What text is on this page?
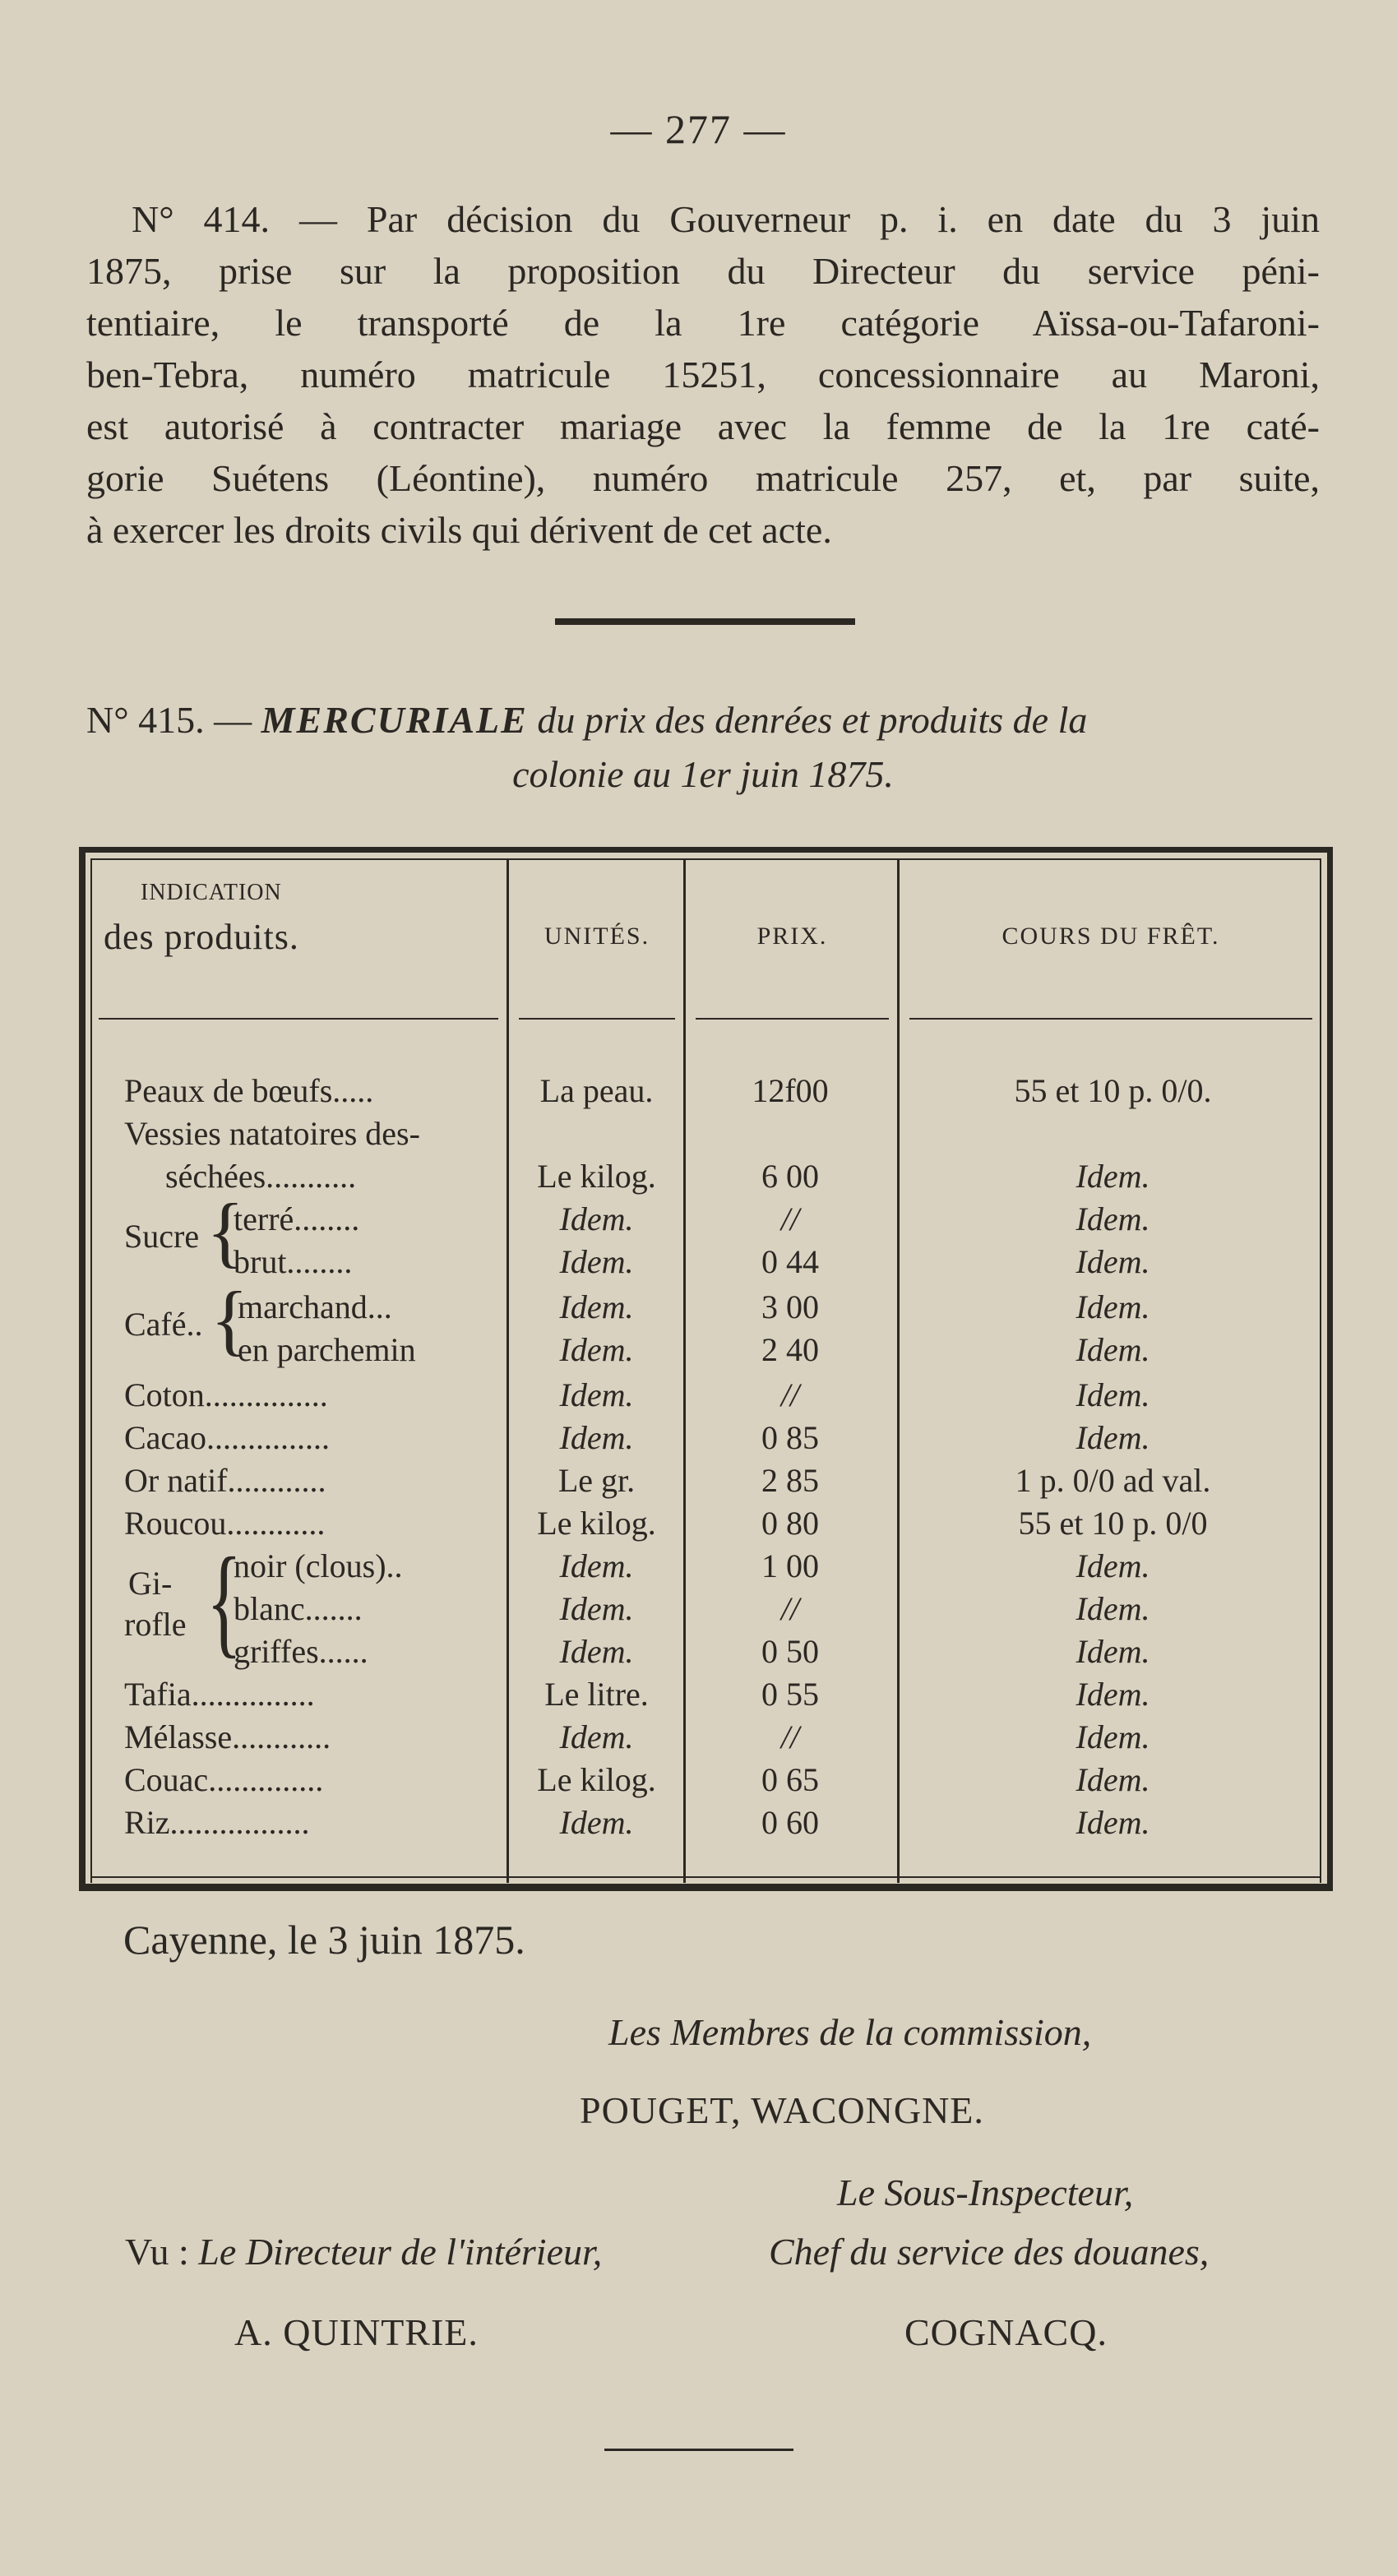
— 277 —
N° 414. — Par décision du Gouverneur p. i. en date du 3 juin
1875, prise sur la proposition du Directeur du service péni-
tentiaire, le transporté de la 1re catégorie Aïssa-ou-Tafaroni-
ben-Tebra, numéro matricule 15251, concessionnaire au Maroni,
est autorisé à contracter mariage avec la femme de la 1re caté-
gorie Suétens (Léontine), numéro matricule 257, et, par suite,
à exercer les droits civils qui dérivent de cet acte.
N° 415. — MERCURIALE du prix des denrées et produits de la
colonie au 1er juin 1875.
INDICATION
des produits.	UNITÉS.	PRIX.	COURS DU FRÊT.
Peaux de bœufs.....	La peau.	12f00	55 et 10 p. 0/0.
Vessies natatoires des-
séchées...........	Le kilog.	6 00	Idem.
Sucre {
terré........	Idem.	//	Idem.
brut........	Idem.	0 44	Idem.
Café.. {
marchand...	Idem.	3 00	Idem.
en parchemin	Idem.	2 40	Idem.
Coton...............	Idem.	//	Idem.
Cacao...............	Idem.	0 85	Idem.
Or natif............	Le gr.	2 85	1 p. 0/0 ad val.
Roucou............	Le kilog.	0 80	55 et 10 p. 0/0
Gi-
rofle {
noir (clous)..	Idem.	1 00	Idem.
blanc.......	Idem.	//	Idem.
griffes......	Idem.	0 50	Idem.
Tafia...............	Le litre.	0 55	Idem.
Mélasse............	Idem.	//	Idem.
Couac..............	Le kilog.	0 65	Idem.
Riz.................	Idem.	0 60	Idem.
Cayenne, le 3 juin 1875.
Les Membres de la commission,
POUGET, WACONGNE.
Le Sous-Inspecteur,
Vu : Le Directeur de l'intérieur,	Chef du service des douanes,
A. QUINTRIE.	COGNACQ.
